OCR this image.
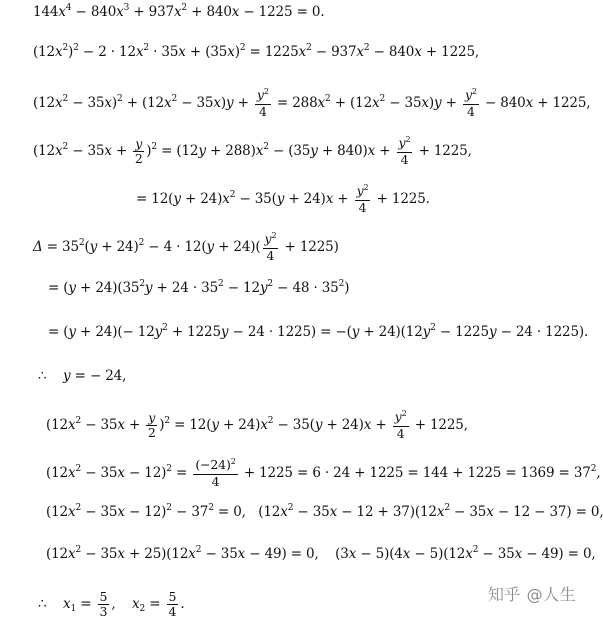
$144x^4 - 840x^3 + 937x^2 + 840x - 1225 = 0$.
$(12x^2)^2 - 2 \cdot 12x^2 \cdot 35x + (35x)^2 = 1225x^2 - 937x^2 - 840x + 1225$,
$(12x^2 - 35x)^2 + (12x^2 - 35x)y + \frac{y^2}{4} = 288x^2 + (12x^2 - 35x)y + \frac{y^2}{4} - 840x + 1225$,
$(12x^2 - 35x + \frac{y}{2} )^2 = (12y + 288)x^2 - (35y + 840)x + \frac{y^2}{4} + 1225$,
= $12(y + 24)x^2 - 35(y + 24)x + \frac{y^2}{4} + 1225$.
$\Delta = 35^2(y + 24)^2 - 4 \cdot 12(y + 24)( \frac{y^2}{4} + 1225)$
= $(y + 24)(35^2y + 24 \cdot 35^2 - 12y^2 - 48 \cdot 35^2)$
= $(y + 24)(- 12y^2 + 1225y - 24 \cdot 1225) = -(y + 24)(12y^2 - 1225y - 24 \cdot 1225)$.
∴    y = − 24,
$(12x^2 - 35x + \frac{y}{2} )^2 = 12(y + 24)x^2 - 35(y + 24)x + \frac{y^2}{4} + 1225$,
$(12x^2 - 35x - 12)^2 = \frac{(-24)^2}{4} + 1225 = 6 \cdot 24 + 1225 = 144 + 1225 = 1369 = 37^2$,
$(12x^2 - 35x - 12)^2 - 37^2 = 0$,   $(12x^2 - 35x - 12 + 37)(12x^2 - 35x - 12 - 37) = 0$,
$(12x^2 - 35x + 25)(12x^2 - 35x - 49) = 0$,    $(3x - 5)(4x - 5)(12x^2 - 35x - 49) = 0$,
∴    $x_1 = \frac{5}{3}$ ,    $x_2 = \frac{5}{4}$ .	知乎 @人生
